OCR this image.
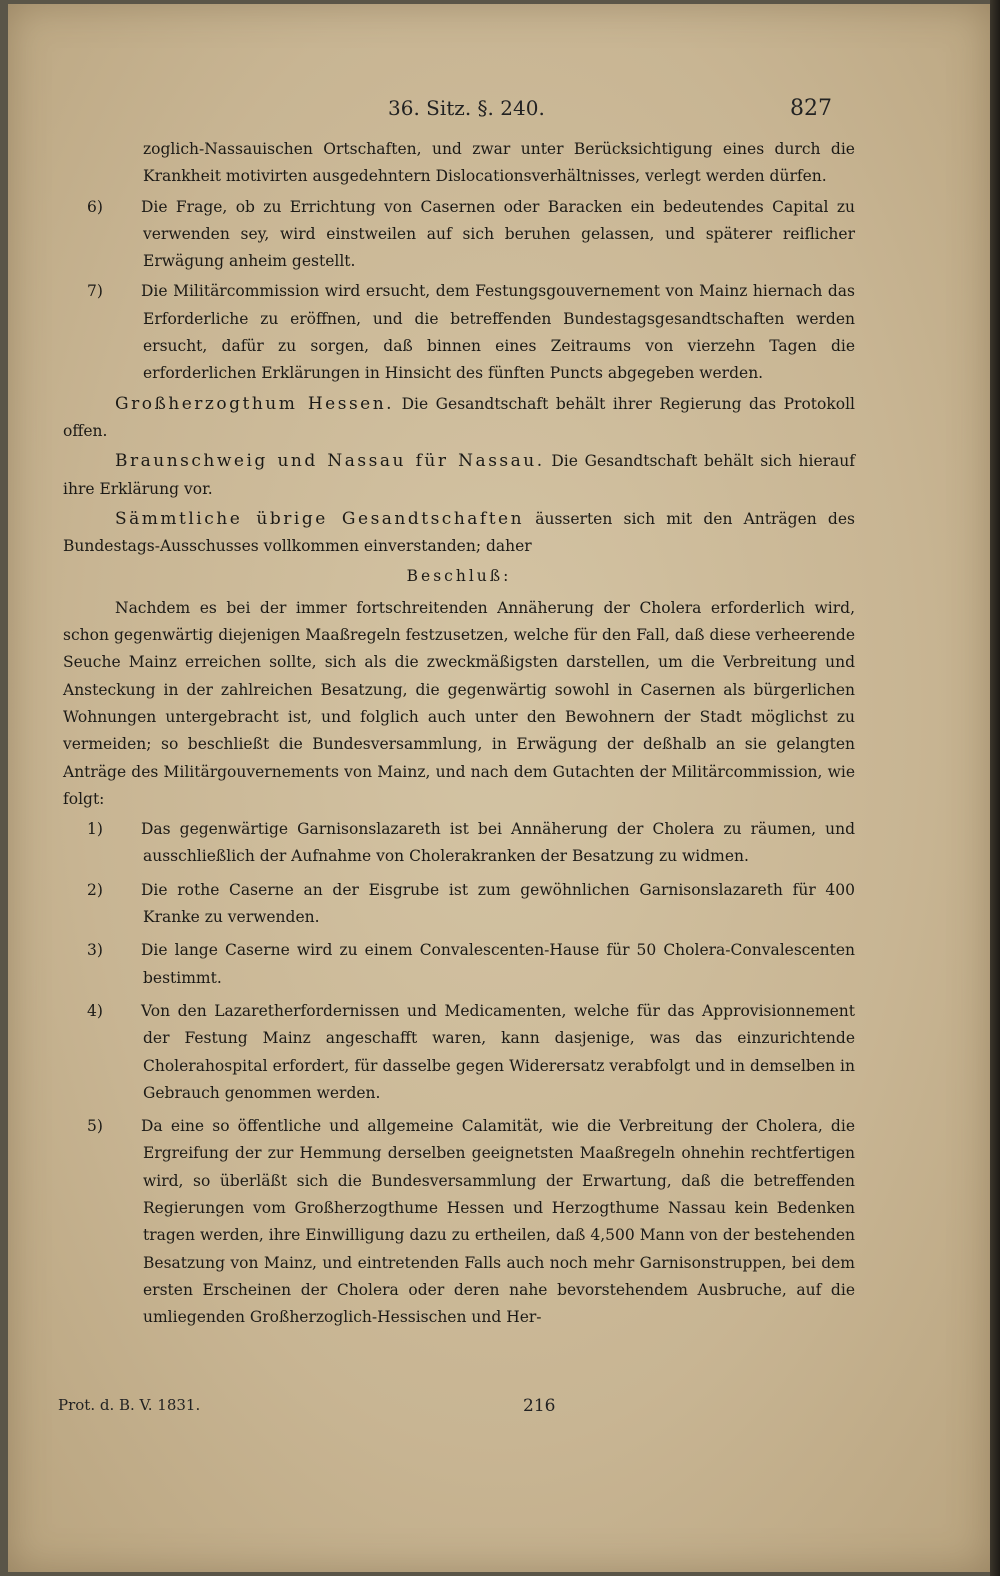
36. Sitz. §. 240.	827
zoglich-Nassauischen Ortschaften, und zwar unter Berücksichtigung eines durch die Krankheit motivirten ausgedehntern Dislocationsverhältnisses, verlegt werden dürfen.
6) Die Frage, ob zu Errichtung von Casernen oder Baracken ein bedeutendes Capital zu verwenden sey, wird einstweilen auf sich beruhen gelassen, und späterer reiflicher Erwägung anheim gestellt.
7) Die Militärcommission wird ersucht, dem Festungsgouvernement von Mainz hiernach das Erforderliche zu eröffnen, und die betreffenden Bundestagsgesandtschaften werden ersucht, dafür zu sorgen, daß binnen eines Zeitraums von vierzehn Tagen die erforderlichen Erklärungen in Hinsicht des fünften Puncts abgegeben werden.

Großherzogthum Hessen. Die Gesandtschaft behält ihrer Regierung das Protokoll offen.

Braunschweig und Nassau für Nassau. Die Gesandtschaft behält sich hierauf ihre Erklärung vor.

Sämmtliche übrige Gesandtschaften äusserten sich mit den Anträgen des Bundestags-Ausschusses vollkommen einverstanden; daher

Beschluß:

Nachdem es bei der immer fortschreitenden Annäherung der Cholera erforderlich wird, schon gegenwärtig diejenigen Maaßregeln festzusetzen, welche für den Fall, daß diese verheerende Seuche Mainz erreichen sollte, sich als die zweckmäßigsten darstellen, um die Verbreitung und Ansteckung in der zahlreichen Besatzung, die gegenwärtig sowohl in Casernen als bürgerlichen Wohnungen untergebracht ist, und folglich auch unter den Bewohnern der Stadt möglichst zu vermeiden; so beschließt die Bundesversammlung, in Erwägung der deßhalb an sie gelangten Anträge des Militärgouvernements von Mainz, und nach dem Gutachten der Militärcommission, wie folgt:

1) Das gegenwärtige Garnisonslazareth ist bei Annäherung der Cholera zu räumen, und ausschließlich der Aufnahme von Cholerakranken der Besatzung zu widmen.
2) Die rothe Caserne an der Eisgrube ist zum gewöhnlichen Garnisonslazareth für 400 Kranke zu verwenden.
3) Die lange Caserne wird zu einem Convalescenten-Hause für 50 Cholera-Convalescenten bestimmt.
4) Von den Lazaretherfordernissen und Medicamenten, welche für das Approvisionnement der Festung Mainz angeschafft waren, kann dasjenige, was das einzurichtende Cholerahospital erfordert, für dasselbe gegen Widerersatz verabfolgt und in demselben in Gebrauch genommen werden.
5) Da eine so öffentliche und allgemeine Calamität, wie die Verbreitung der Cholera, die Ergreifung der zur Hemmung derselben geeignetsten Maaßregeln ohnehin rechtfertigen wird, so überläßt sich die Bundesversammlung der Erwartung, daß die betreffenden Regierungen vom Großherzogthume Hessen und Herzogthume Nassau kein Bedenken tragen werden, ihre Einwilligung dazu zu ertheilen, daß 4,500 Mann von der bestehenden Besatzung von Mainz, und eintretenden Falls auch noch mehr Garnisonstruppen, bei dem ersten Erscheinen der Cholera oder deren nahe bevorstehendem Ausbruche, auf die umliegenden Großherzoglich-Hessischen und Her-
Prot. d. B. V. 1831.	216
